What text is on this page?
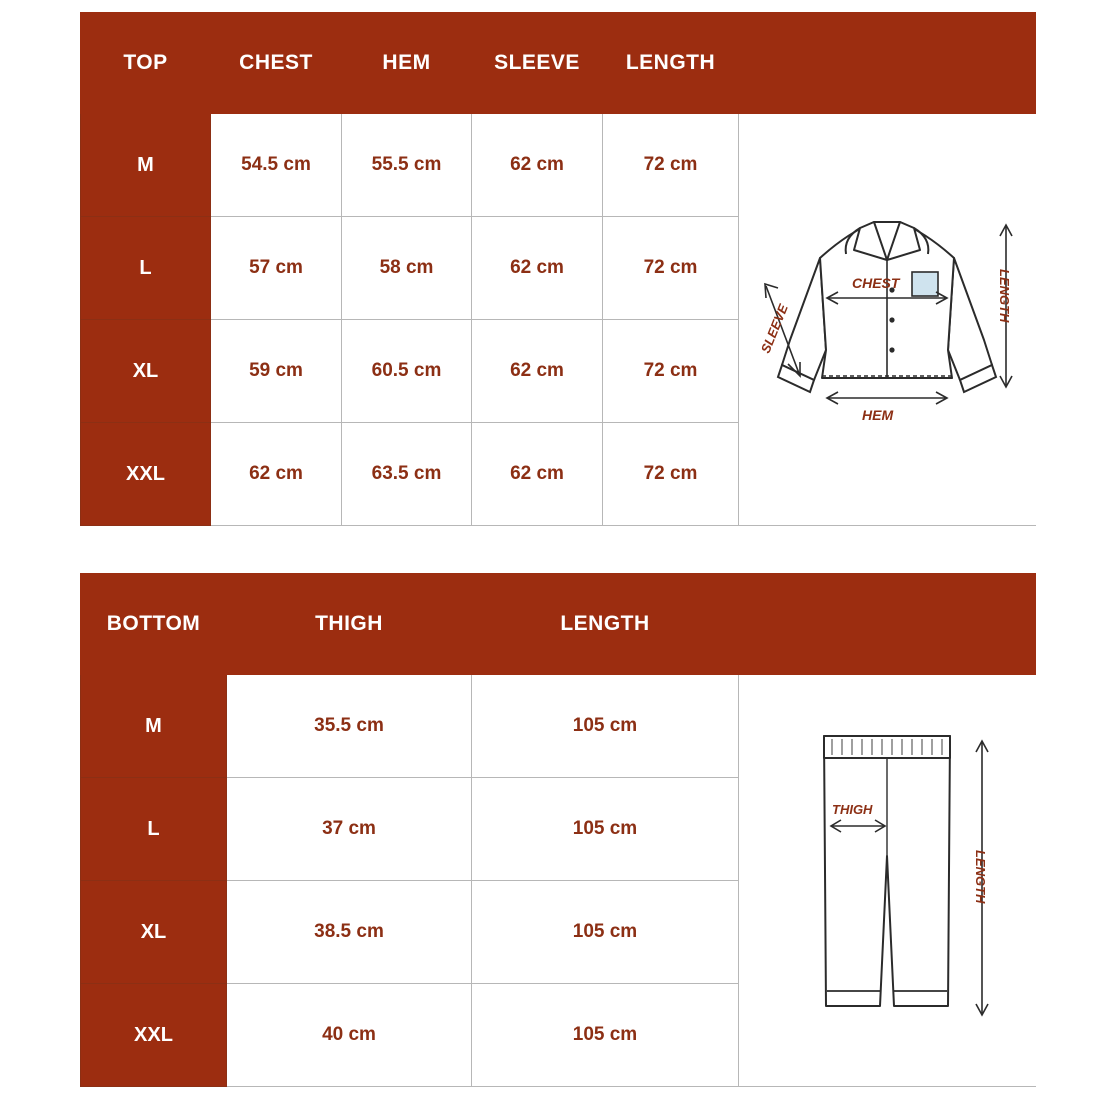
TOP	CHEST	HEM	SLEEVE	LENGTH	
M	54.5 cm	55.5 cm	62 cm	72 cm	SLEEVE
CHEST LENGTH
HEM

L	57 cm	58 cm	62 cm	72 cm	
XL	59 cm	60.5 cm	62 cm	72 cm	
XXL	62 cm	63.5 cm	62 cm	72 cm	
BOTTOM	THIGH	LENGTH	
M	35.5 cm	105 cm	THIGH
LENGTH

L	37 cm	105 cm	
XL	38.5 cm	105 cm	
XXL	40 cm	105 cm	
